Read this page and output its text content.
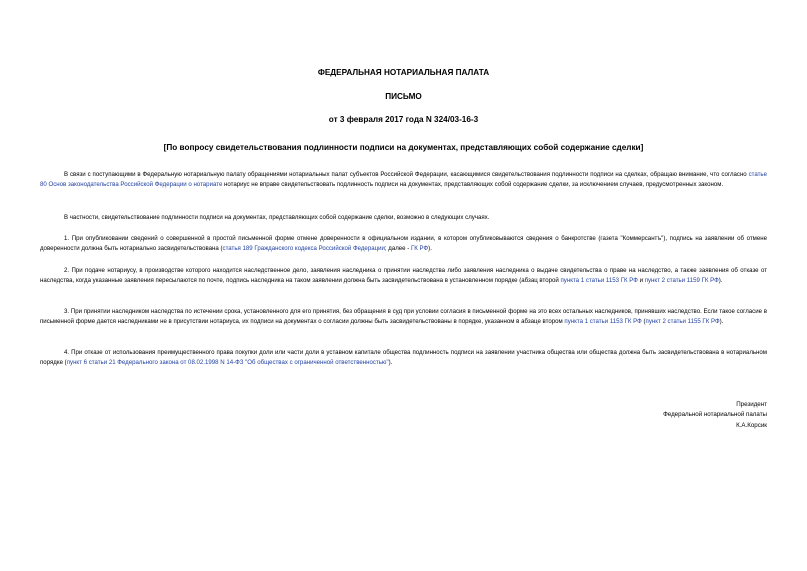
ФЕДЕРАЛЬНАЯ НОТАРИАЛЬНАЯ ПАЛАТА
ПИСЬМО
от 3 февраля 2017 года N 324/03-16-3
[По вопросу свидетельствования подлинности подписи на документах, представляющих собой содержание сделки]

В связи с поступающими в Федеральную нотариальную палату обращениями нотариальных палат субъектов Российской Федерации, касающимися свидетельствования подлинности подписи на сделках, обращаю внимание, что согласно статье 80 Основ законодательства Российской Федерации о нотариате нотариус не вправе свидетельствовать подлинность подписи на документах, представляющих собой содержание сделки, за исключением случаев, предусмотренных законом.

В частности, свидетельствование подлинности подписи на документах, представляющих собой содержание сделки, возможно в следующих случаях.

1. При опубликовании сведений о совершенной в простой письменной форме отмене доверенности в официальном издании, в котором опубликовываются сведения о банкротстве (газета "Коммерсантъ"), подпись на заявлении об отмене доверенности должна быть нотариально засвидетельствована (статья 189 Гражданского кодекса Российской Федерации; далее - ГК РФ).

2. При подаче нотариусу, в производстве которого находится наследственное дело, заявления наследника о принятии наследства либо заявления наследника о выдаче свидетельства о праве на наследство, а также заявления об отказе от наследства, когда указанные заявления пересылаются по почте, подпись наследника на таком заявлении должна быть засвидетельствована в установленном порядке (абзац второй пункта 1 статьи 1153 ГК РФ и пункт 2 статьи 1159 ГК РФ).

3. При принятии наследником наследства по истечении срока, установленного для его принятия, без обращения в суд при условии согласия в письменной форме на это всех остальных наследников, принявших наследство. Если такое согласие в письменной форме дается наследниками не в присутствии нотариуса, их подписи на документах о согласии должны быть засвидетельствованы в порядке, указанном в абзаце втором пункта 1 статьи 1153 ГК РФ (пункт 2 статьи 1155 ГК РФ).

4. При отказе от использования преимущественного права покупки доли или части доли в уставном капитале общества подлинность подписи на заявлении участника общества или общества должна быть засвидетельствована в нотариальном порядке (пункт 6 статьи 21 Федерального закона от 08.02.1998 N 14-ФЗ "Об обществах с ограниченной ответственностью").

Президент
Федеральной нотариальной палаты
К.А.Корсик
